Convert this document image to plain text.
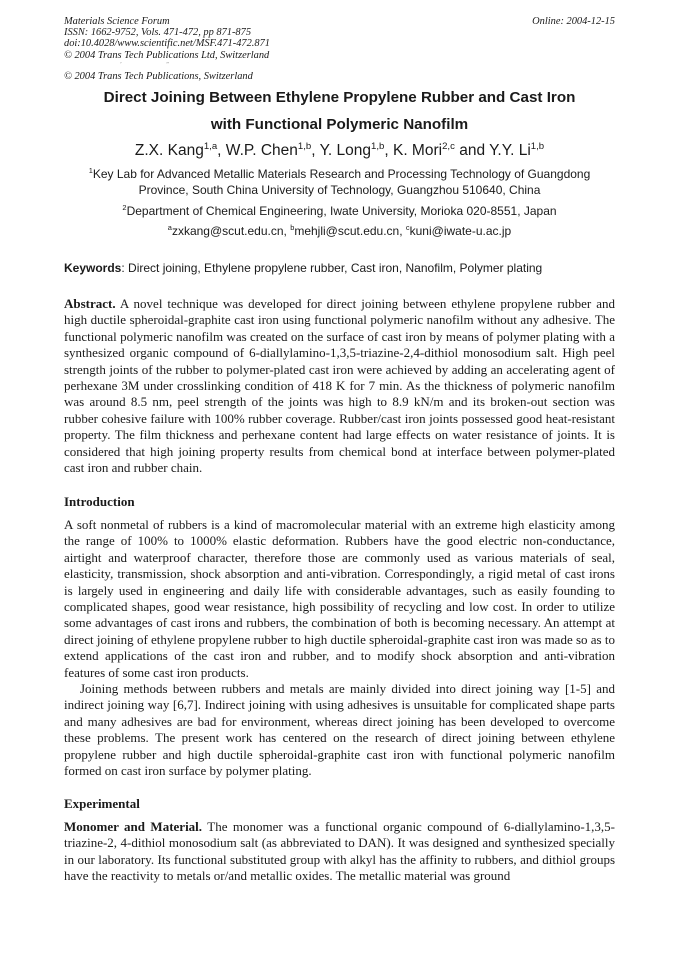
Materials Science Forum
ISSN: 1662-9752, Vols. 471-472, pp 871-875
doi:10.4028/www.scientific.net/MSF.471-472.871
© 2004 Trans Tech Publications Ltd, Switzerland
Online: 2004-12-15
'	"
© 2004 Trans Tech Publications, Switzerland
Direct Joining Between Ethylene Propylene Rubber and Cast Iron
with Functional Polymeric Nanofilm
Z.X. Kang$^{1,a}$, W.P. Chen$^{1,b}$, Y. Long$^{1,b}$, K. Mori$^{2,c}$ and Y.Y. Li$^{1,b}$
$^1$Key Lab for Advanced Metallic Materials Research and Processing Technology of Guangdong
Province, South China University of Technology, Guangzhou 510640, China
$^2$Department of Chemical Engineering, Iwate University, Morioka 020-8551, Japan
$^a$zxkang@scut.edu.cn, $^b$mehjli@scut.edu.cn, $^c$kuni@iwate-u.ac.jp
Keywords: Direct joining, Ethylene propylene rubber, Cast iron, Nanofilm, Polymer plating
Abstract. A novel technique was developed for direct joining between ethylene propylene rubber and high ductile spheroidal-graphite cast iron using functional polymeric nanofilm without any adhesive. The functional polymeric nanofilm was created on the surface of cast iron by means of polymer plating with a synthesized organic compound of 6-diallylamino-1,3,5-triazine-2,4-dithiol monosodium salt. High peel strength joints of the rubber to polymer-plated cast iron were achieved by adding an accelerating agent of perhexane 3M under crosslinking condition of 418 K for 7 min. As the thickness of polymeric nanofilm was around 8.5 nm, peel strength of the joints was high to 8.9 kN/m and its broken-out section was rubber cohesive failure with 100% rubber coverage. Rubber/cast iron joints possessed good heat-resistant property. The film thickness and perhexane content had large effects on water resistance of joints. It is considered that high joining property results from chemical bond at interface between polymer-plated cast iron and rubber chain.
Introduction

A soft nonmetal of rubbers is a kind of macromolecular material with an extreme high elasticity among the range of 100% to 1000% elastic deformation. Rubbers have the good electric non-conductance, airtight and waterproof character, therefore those are commonly used as various materials of seal, elasticity, transmission, shock absorption and anti-vibration. Correspondingly, a rigid metal of cast irons is largely used in engineering and daily life with considerable advantages, such as easily founding to complicated shapes, good wear resistance, high possibility of recycling and low cost. In order to utilize some advantages of cast irons and rubbers, the combination of both is becoming necessary. An attempt at direct joining of ethylene propylene rubber to high ductile spheroidal-graphite cast iron was made so as to extend applications of the cast iron and rubber, and to modify shock absorption and anti-vibration features of some cast iron products.

Joining methods between rubbers and metals are mainly divided into direct joining way [1-5] and indirect joining way [6,7]. Indirect joining with using adhesives is unsuitable for complicated shape parts and many adhesives are bad for environment, whereas direct joining has been developed to overcome these problems. The present work has centered on the research of direct joining between ethylene propylene rubber and high ductile spheroidal-graphite cast iron with functional polymeric nanofilm formed on cast iron surface by polymer plating.

Experimental
Monomer and Material. The monomer was a functional organic compound of 6-diallylamino-1,3,5-triazine-2, 4-dithiol monosodium salt (as abbreviated to DAN). It was designed and synthesized specially in our laboratory. Its functional substituted group with alkyl has the affinity to rubbers, and dithiol groups have the reactivity to metals or/and metallic oxides. The metallic material was ground
